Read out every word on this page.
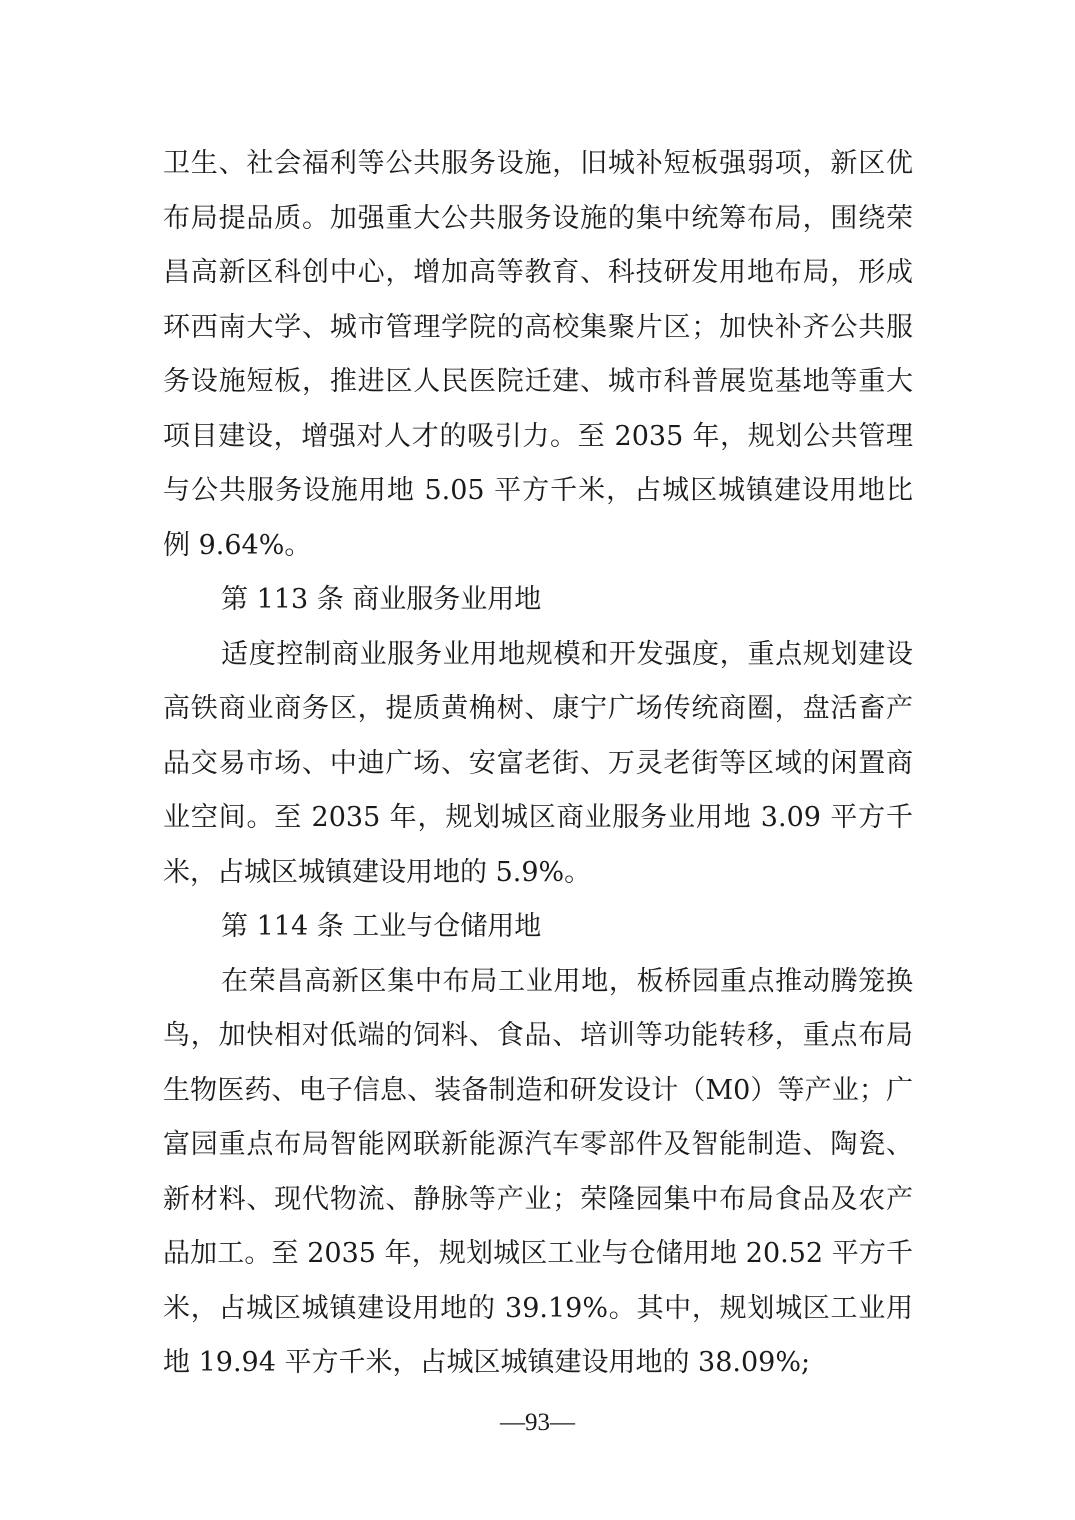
卫生、社会福利等公共服务设施，旧城补短板强弱项，新区优布局提品质。加强重大公共服务设施的集中统筹布局，围绕荣昌高新区科创中心，增加高等教育、科技研发用地布局，形成环西南大学、城市管理学院的高校集聚片区；加快补齐公共服务设施短板，推进区人民医院迁建、城市科普展览基地等重大项目建设，增强对人才的吸引力。至 2035 年，规划公共管理与公共服务设施用地 5.05 平方千米，占城区城镇建设用地比例 9.64%。

第 113 条 商业服务业用地

适度控制商业服务业用地规模和开发强度，重点规划建设高铁商业商务区，提质黄桷树、康宁广场传统商圈，盘活畜产品交易市场、中迪广场、安富老街、万灵老街等区域的闲置商业空间。至 2035 年，规划城区商业服务业用地 3.09 平方千米，占城区城镇建设用地的 5.9%。

第 114 条 工业与仓储用地

在荣昌高新区集中布局工业用地，板桥园重点推动腾笼换鸟，加快相对低端的饲料、食品、培训等功能转移，重点布局生物医药、电子信息、装备制造和研发设计（M0）等产业；广富园重点布局智能网联新能源汽车零部件及智能制造、陶瓷、新材料、现代物流、静脉等产业；荣隆园集中布局食品及农产品加工。至 2035 年，规划城区工业与仓储用地 20.52 平方千米，占城区城镇建设用地的 39.19%。其中，规划城区工业用地 19.94 平方千米，占城区城镇建设用地的 38.09%;

—93—
